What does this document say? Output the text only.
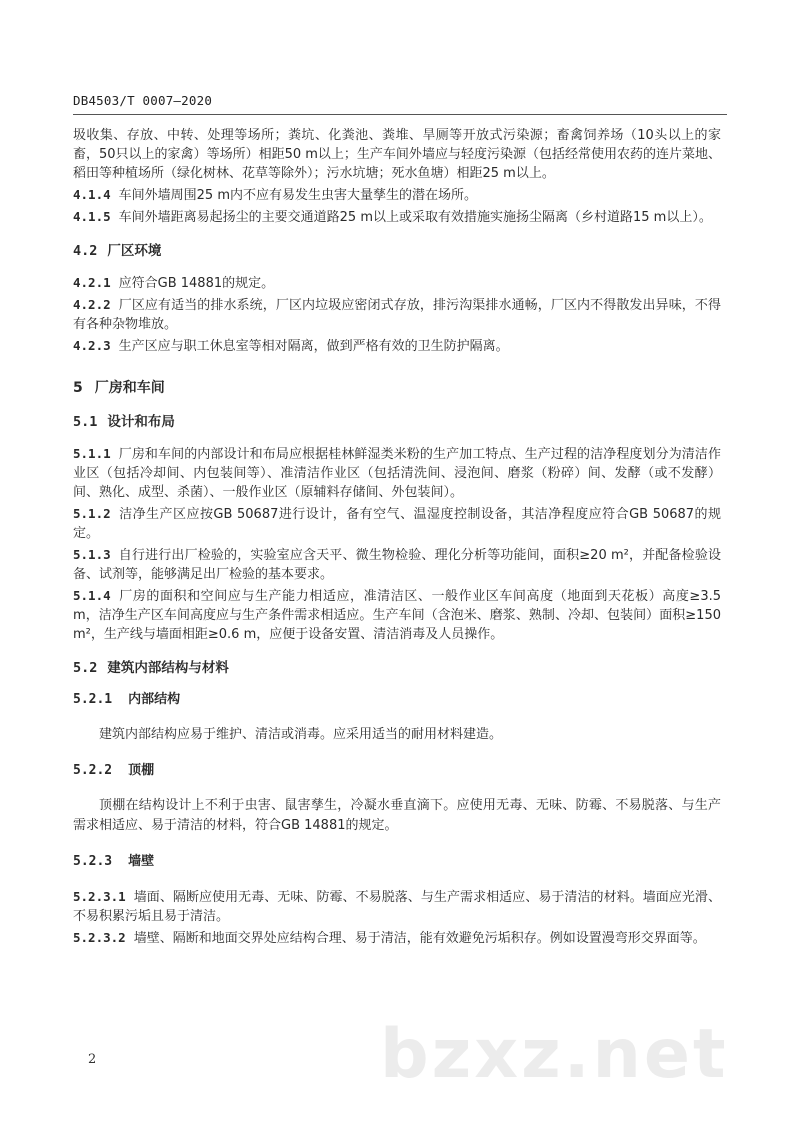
DB4503/T 0007—2020
圾收集、存放、中转、处理等场所；粪坑、化粪池、粪堆、旱厕等开放式污染源；畜禽饲养场（10头以上的家畜，50只以上的家禽）等场所）相距50 m以上；生产车间外墙应与轻度污染源（包括经常使用农药的连片菜地、稻田等种植场所（绿化树林、花草等除外）；污水坑塘；死水鱼塘）相距25 m以上。
4.1.4 车间外墙周围25 m内不应有易发生虫害大量孳生的潜在场所。
4.1.5 车间外墙距离易起扬尘的主要交通道路25 m以上或采取有效措施实施扬尘隔离（乡村道路15 m以上）。
4.2 厂区环境
4.2.1 应符合GB 14881的规定。
4.2.2 厂区应有适当的排水系统，厂区内垃圾应密闭式存放，排污沟渠排水通畅，厂区内不得散发出异味，不得有各种杂物堆放。
4.2.3 生产区应与职工休息室等相对隔离，做到严格有效的卫生防护隔离。
5 厂房和车间
5.1 设计和布局
5.1.1 厂房和车间的内部设计和布局应根据桂林鲜湿类米粉的生产加工特点、生产过程的洁净程度划分为清洁作业区（包括冷却间、内包装间等）、准清洁作业区（包括清洗间、浸泡间、磨浆（粉碎）间、发酵（或不发酵）间、熟化、成型、杀菌）、一般作业区（原辅料存储间、外包装间）。
5.1.2 洁净生产区应按GB 50687进行设计，备有空气、温湿度控制设备，其洁净程度应符合GB 50687的规定。
5.1.3 自行进行出厂检验的，实验室应含天平、微生物检验、理化分析等功能间，面积≥20 m²，并配备检验设备、试剂等，能够满足出厂检验的基本要求。
5.1.4 厂房的面积和空间应与生产能力相适应，准清洁区、一般作业区车间高度（地面到天花板）高度≥3.5 m，洁净生产区车间高度应与生产条件需求相适应。生产车间（含泡米、磨浆、熟制、冷却、包装间）面积≥150 m²，生产线与墙面相距≥0.6 m，应便于设备安置、清洁消毒及人员操作。
5.2 建筑内部结构与材料
5.2.1 内部结构
建筑内部结构应易于维护、清洁或消毒。应采用适当的耐用材料建造。
5.2.2 顶棚
顶棚在结构设计上不利于虫害、鼠害孳生，冷凝水垂直滴下。应使用无毒、无味、防霉、不易脱落、与生产需求相适应、易于清洁的材料，符合GB 14881的规定。
5.2.3 墙壁
5.2.3.1 墙面、隔断应使用无毒、无味、防霉、不易脱落、与生产需求相适应、易于清洁的材料。墙面应光滑、不易积累污垢且易于清洁。
5.2.3.2 墙壁、隔断和地面交界处应结构合理、易于清洁，能有效避免污垢积存。例如设置漫弯形交界面等。
bzxz.net
2
